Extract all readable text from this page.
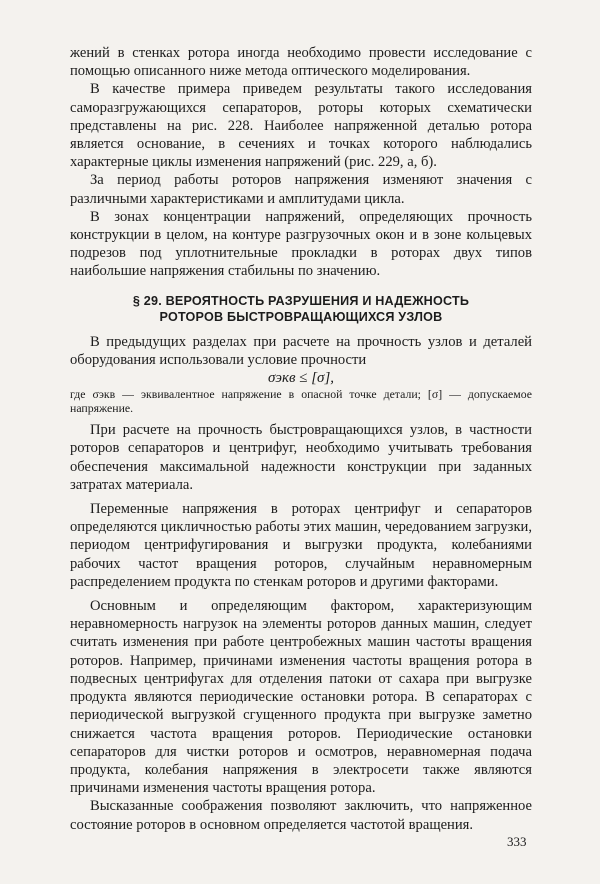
жений в стенках ротора иногда необходимо провести исследование с помощью описанного ниже метода оптического моделирования.

В качестве примера приведем результаты такого исследования саморазгружающихся сепараторов, роторы которых схематически представлены на рис. 228. Наиболее напряженной деталью ротора является основание, в сечениях и точках которого наблюдались характерные циклы изменения напряжений (рис. 229, а, б).

За период работы роторов напряжения изменяют значения с различными характеристиками и амплитудами цикла.

В зонах концентрации напряжений, определяющих прочность конструкции в целом, на контуре разгрузочных окон и в зоне кольцевых подрезов под уплотнительные прокладки в роторах двух типов наибольшие напряжения стабильны по значению.

§ 29. ВЕРОЯТНОСТЬ РАЗРУШЕНИЯ И НАДЕЖНОСТЬ
РОТОРОВ БЫСТРОВРАЩАЮЩИХСЯ УЗЛОВ

В предыдущих разделах при расчете на прочность узлов и деталей оборудования использовали условие прочности

σэкв ≤ [σ],

где σэкв — эквивалентное напряжение в опасной точке детали; [σ] — допускаемое напряжение.

При расчете на прочность быстровращающихся узлов, в частности роторов сепараторов и центрифуг, необходимо учитывать требования обеспечения максимальной надежности конструкции при заданных затратах материала.

Переменные напряжения в роторах центрифуг и сепараторов определяются цикличностью работы этих машин, чередованием загрузки, периодом центрифугирования и выгрузки продукта, колебаниями рабочих частот вращения роторов, случайным неравномерным распределением продукта по стенкам роторов и другими факторами.

Основным и определяющим фактором, характеризующим неравномерность нагрузок на элементы роторов данных машин, следует считать изменения при работе центробежных машин частоты вращения роторов. Например, причинами изменения частоты вращения ротора в подвесных центрифугах для отделения патоки от сахара при выгрузке продукта являются периодические остановки ротора. В сепараторах с периодической выгрузкой сгущенного продукта при выгрузке заметно снижается частота вращения роторов. Периодические остановки сепараторов для чистки роторов и осмотров, неравномерная подача продукта, колебания напряжения в электросети также являются причинами изменения частоты вращения ротора.

Высказанные соображения позволяют заключить, что напряженное состояние роторов в основном определяется частотой вращения.

333
